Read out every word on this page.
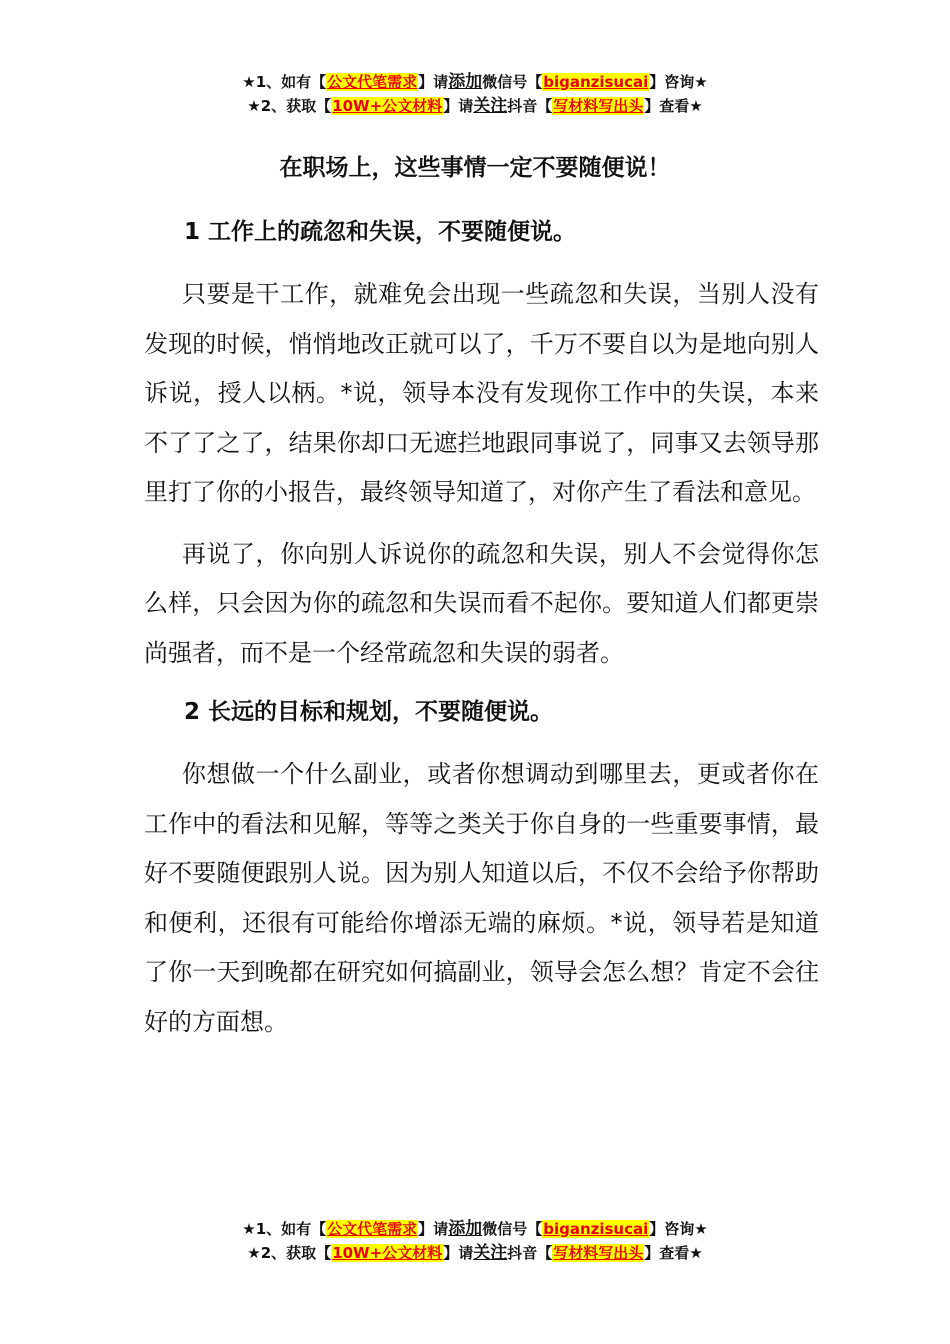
★1、如有【公文代笔需求】请添加微信号【biganzisucai】咨询★
★2、获取【10W+公文材料】请关注抖音【写材料写出头】查看★
在职场上，这些事情一定不要随便说！
1 工作上的疏忽和失误，不要随便说。

只要是干工作，就难免会出现一些疏忽和失误，当别人没有发现的时候，悄悄地改正就可以了，千万不要自以为是地向别人诉说，授人以柄。*说，领导本没有发现你工作中的失误，本来不了了之了，结果你却口无遮拦地跟同事说了，同事又去领导那里打了你的小报告，最终领导知道了，对你产生了看法和意见。

再说了，你向别人诉说你的疏忽和失误，别人不会觉得你怎么样，只会因为你的疏忽和失误而看不起你。要知道人们都更崇尚强者，而不是一个经常疏忽和失误的弱者。

2 长远的目标和规划，不要随便说。

你想做一个什么副业，或者你想调动到哪里去，更或者你在工作中的看法和见解，等等之类关于你自身的一些重要事情，最好不要随便跟别人说。因为别人知道以后，不仅不会给予你帮助和便利，还很有可能给你增添无端的麻烦。*说，领导若是知道了你一天到晚都在研究如何搞副业，领导会怎么想？肯定不会往好的方面想。

★1、如有【公文代笔需求】请添加微信号【biganzisucai】咨询★
★2、获取【10W+公文材料】请关注抖音【写材料写出头】查看★
